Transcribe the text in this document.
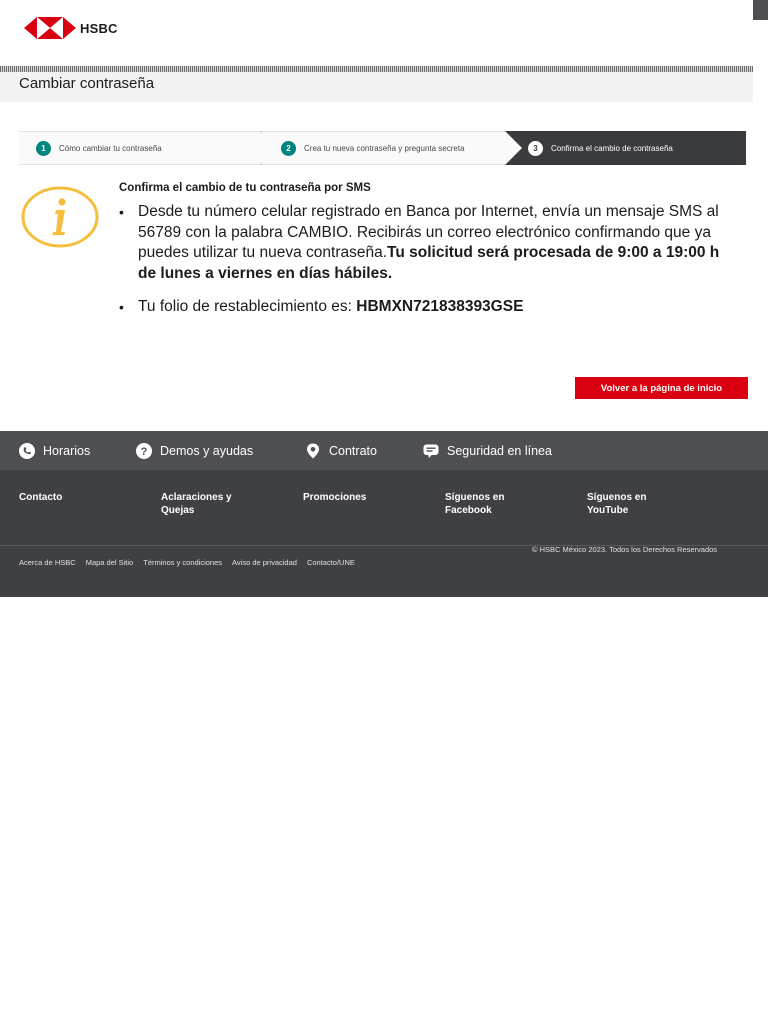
HSBC
Cambiar contraseña
1	Cómo cambiar tu contraseña	2	Crea tu nueva contraseña y pregunta secreta	3	Confirma el cambio de contraseña
Confirma el cambio de tu contraseña por SMS
• Desde tu número celular registrado en Banca por Internet, envía un mensaje SMS al 56789 con la palabra CAMBIO. Recibirás un correo electrónico confirmando que ya puedes utilizar tu nueva contraseña.Tu solicitud será procesada de 9:00 a 19:00 h de lunes a viernes en días hábiles.
• Tu folio de restablecimiento es: HBMXN721838393GSE
Volver a la página de inicio
Horarios	? Demos y ayudas	Contrato	Seguridad en línea
Contacto	Aclaraciones y Quejas
Promociones	Síguenos en Facebook
Síguenos en YouTube
© HSBC México 2023. Todos los Derechos Reservados
Acerca de HSBC Mapa del Sitio Términos y condiciones Aviso de privacidad Contacto/UNE
